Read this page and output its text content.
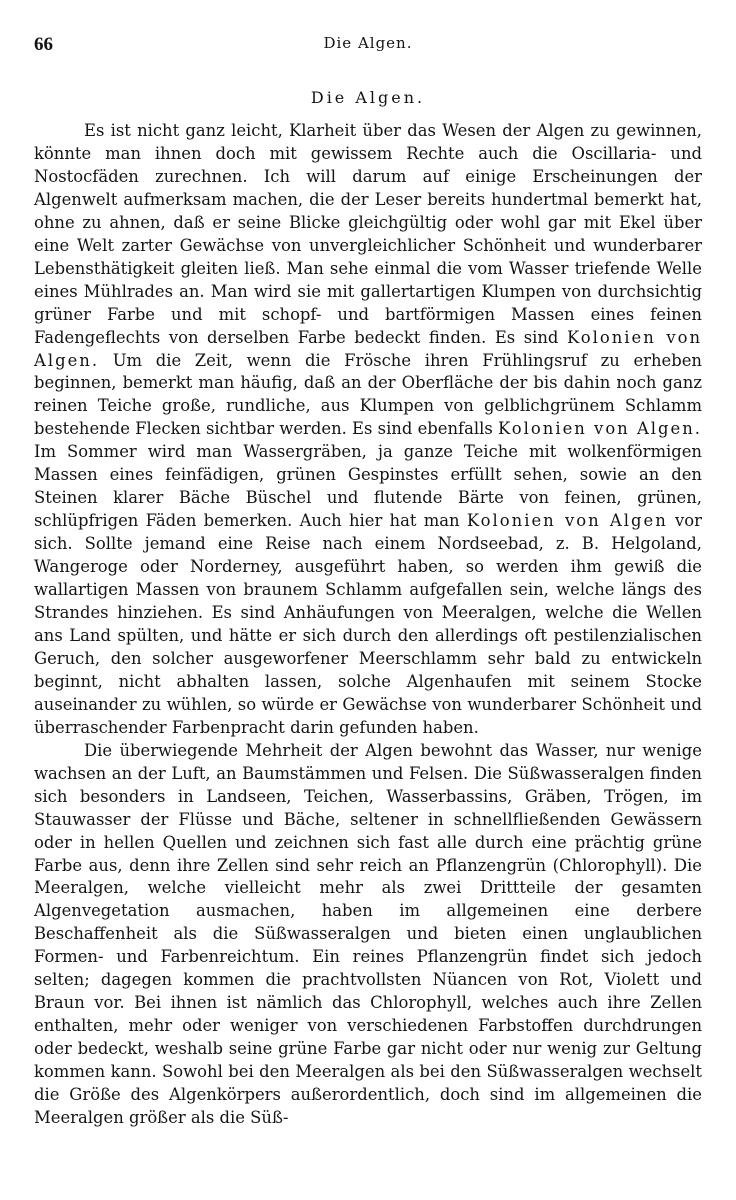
66	Die Algen.
Die Algen.

Es ist nicht ganz leicht, Klarheit über das Wesen der Algen zu gewinnen, könnte man ihnen doch mit gewissem Rechte auch die Oscillaria- und Nostocfäden zurechnen. Ich will darum auf einige Erscheinungen der Algenwelt aufmerksam machen, die der Leser bereits hundertmal bemerkt hat, ohne zu ahnen, daß er seine Blicke gleichgültig oder wohl gar mit Ekel über eine Welt zarter Gewächse von unvergleichlicher Schönheit und wunderbarer Lebensthätigkeit gleiten ließ. Man sehe einmal die vom Wasser triefende Welle eines Mühlrades an. Man wird sie mit gallertartigen Klumpen von durchsichtig grüner Farbe und mit schopf- und bartförmigen Massen eines feinen Fadengeflechts von derselben Farbe bedeckt finden. Es sind Kolonien von Algen. Um die Zeit, wenn die Frösche ihren Frühlingsruf zu erheben beginnen, bemerkt man häufig, daß an der Oberfläche der bis dahin noch ganz reinen Teiche große, rundliche, aus Klumpen von gelblichgrünem Schlamm bestehende Flecken sichtbar werden. Es sind ebenfalls Kolonien von Algen. Im Sommer wird man Wassergräben, ja ganze Teiche mit wolkenförmigen Massen eines feinfädigen, grünen Gespinstes erfüllt sehen, sowie an den Steinen klarer Bäche Büschel und flutende Bärte von feinen, grünen, schlüpfrigen Fäden bemerken. Auch hier hat man Kolonien von Algen vor sich. Sollte jemand eine Reise nach einem Nordseebad, z. B. Helgoland, Wangeroge oder Norderney, ausgeführt haben, so werden ihm gewiß die wallartigen Massen von braunem Schlamm aufgefallen sein, welche längs des Strandes hinziehen. Es sind Anhäufungen von Meeralgen, welche die Wellen ans Land spülten, und hätte er sich durch den allerdings oft pestilenzialischen Geruch, den solcher ausgeworfener Meerschlamm sehr bald zu entwickeln beginnt, nicht abhalten lassen, solche Algenhaufen mit seinem Stocke auseinander zu wühlen, so würde er Gewächse von wunderbarer Schönheit und überraschender Farbenpracht darin gefunden haben.

Die überwiegende Mehrheit der Algen bewohnt das Wasser, nur wenige wachsen an der Luft, an Baumstämmen und Felsen. Die Süßwasseralgen finden sich besonders in Landseen, Teichen, Wasserbassins, Gräben, Trögen, im Stauwasser der Flüsse und Bäche, seltener in schnellfließenden Gewässern oder in hellen Quellen und zeichnen sich fast alle durch eine prächtig grüne Farbe aus, denn ihre Zellen sind sehr reich an Pflanzengrün (Chlorophyll). Die Meeralgen, welche vielleicht mehr als zwei Drittteile der gesamten Algenvegetation ausmachen, haben im allgemeinen eine derbere Beschaffenheit als die Süßwasseralgen und bieten einen unglaublichen Formen- und Farbenreichtum. Ein reines Pflanzengrün findet sich jedoch selten; dagegen kommen die prachtvollsten Nüancen von Rot, Violett und Braun vor. Bei ihnen ist nämlich das Chlorophyll, welches auch ihre Zellen enthalten, mehr oder weniger von verschiedenen Farbstoffen durchdrungen oder bedeckt, weshalb seine grüne Farbe gar nicht oder nur wenig zur Geltung kommen kann. Sowohl bei den Meeralgen als bei den Süßwasseralgen wechselt die Größe des Algenkörpers außerordentlich, doch sind im allgemeinen die Meeralgen größer als die Süß-
